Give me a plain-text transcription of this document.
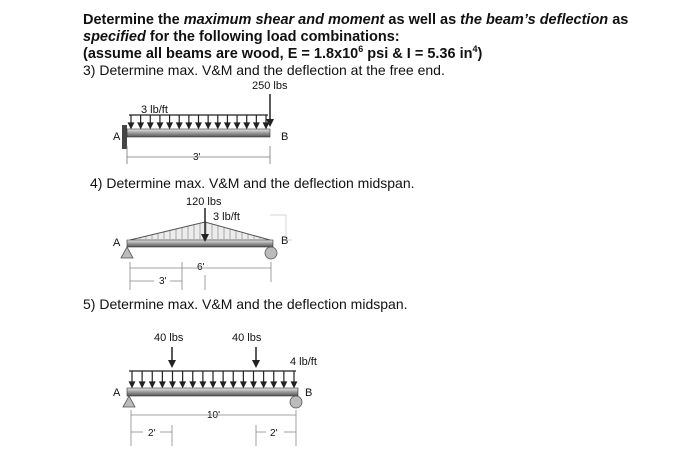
Determine the maximum shear and moment as well as the beam’s deflection as
specified for the following load combinations:
(assume all beams are wood, $E = 1.8x10^6$ psi & I = 5.36 $in^4$)
3) Determine max. V&M and the deflection at the free end.
250 lbs
3 lb/ft
A	B
3'
4) Determine max. V&M and the deflection midspan.
120 lbs
3 lb/ft
A	B
6'
3'
5) Determine max. V&M and the deflection midspan.
40 lbs	40 lbs
4 lb/ft
A	B
10'
2'	2'
